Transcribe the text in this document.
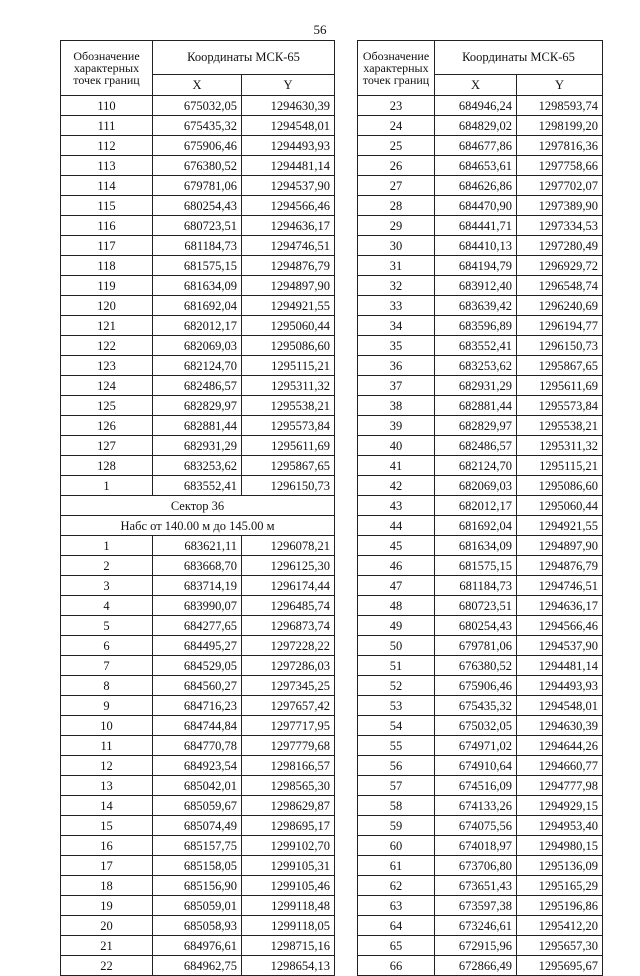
56
Обозначение характерных точек границ	Координаты МСК-65	
	X	Y
110	675032,05	1294630,39
111	675435,32	1294548,01
112	675906,46	1294493,93
113	676380,52	1294481,14
114	679781,06	1294537,90
115	680254,43	1294566,46
116	680723,51	1294636,17
117	681184,73	1294746,51
118	681575,15	1294876,79
119	681634,09	1294897,90
120	681692,04	1294921,55
121	682012,17	1295060,44
122	682069,03	1295086,60
123	682124,70	1295115,21
124	682486,57	1295311,32
125	682829,97	1295538,21
126	682881,44	1295573,84
127	682931,29	1295611,69
128	683253,62	1295867,65
1	683552,41	1296150,73
Сектор 36		
Набс от 140.00 м до 145.00 м		
1	683621,11	1296078,21
2	683668,70	1296125,30
3	683714,19	1296174,44
4	683990,07	1296485,74
5	684277,65	1296873,74
6	684495,27	1297228,22
7	684529,05	1297286,03
8	684560,27	1297345,25
9	684716,23	1297657,42
10	684744,84	1297717,95
11	684770,78	1297779,68
12	684923,54	1298166,57
13	685042,01	1298565,30
14	685059,67	1298629,87
15	685074,49	1298695,17
16	685157,75	1299102,70
17	685158,05	1299105,31
18	685156,90	1299105,46
19	685059,01	1299118,48
20	685058,93	1299118,05
21	684976,61	1298715,16
22	684962,75	1298654,13
Обозначение характерных точек границ	Координаты МСК-65	
	X	Y
23	684946,24	1298593,74
24	684829,02	1298199,20
25	684677,86	1297816,36
26	684653,61	1297758,66
27	684626,86	1297702,07
28	684470,90	1297389,90
29	684441,71	1297334,53
30	684410,13	1297280,49
31	684194,79	1296929,72
32	683912,40	1296548,74
33	683639,42	1296240,69
34	683596,89	1296194,77
35	683552,41	1296150,73
36	683253,62	1295867,65
37	682931,29	1295611,69
38	682881,44	1295573,84
39	682829,97	1295538,21
40	682486,57	1295311,32
41	682124,70	1295115,21
42	682069,03	1295086,60
43	682012,17	1295060,44
44	681692,04	1294921,55
45	681634,09	1294897,90
46	681575,15	1294876,79
47	681184,73	1294746,51
48	680723,51	1294636,17
49	680254,43	1294566,46
50	679781,06	1294537,90
51	676380,52	1294481,14
52	675906,46	1294493,93
53	675435,32	1294548,01
54	675032,05	1294630,39
55	674971,02	1294644,26
56	674910,64	1294660,77
57	674516,09	1294777,98
58	674133,26	1294929,15
59	674075,56	1294953,40
60	674018,97	1294980,15
61	673706,80	1295136,09
62	673651,43	1295165,29
63	673597,38	1295196,86
64	673246,61	1295412,20
65	672915,96	1295657,30
66	672866,49	1295695,67
